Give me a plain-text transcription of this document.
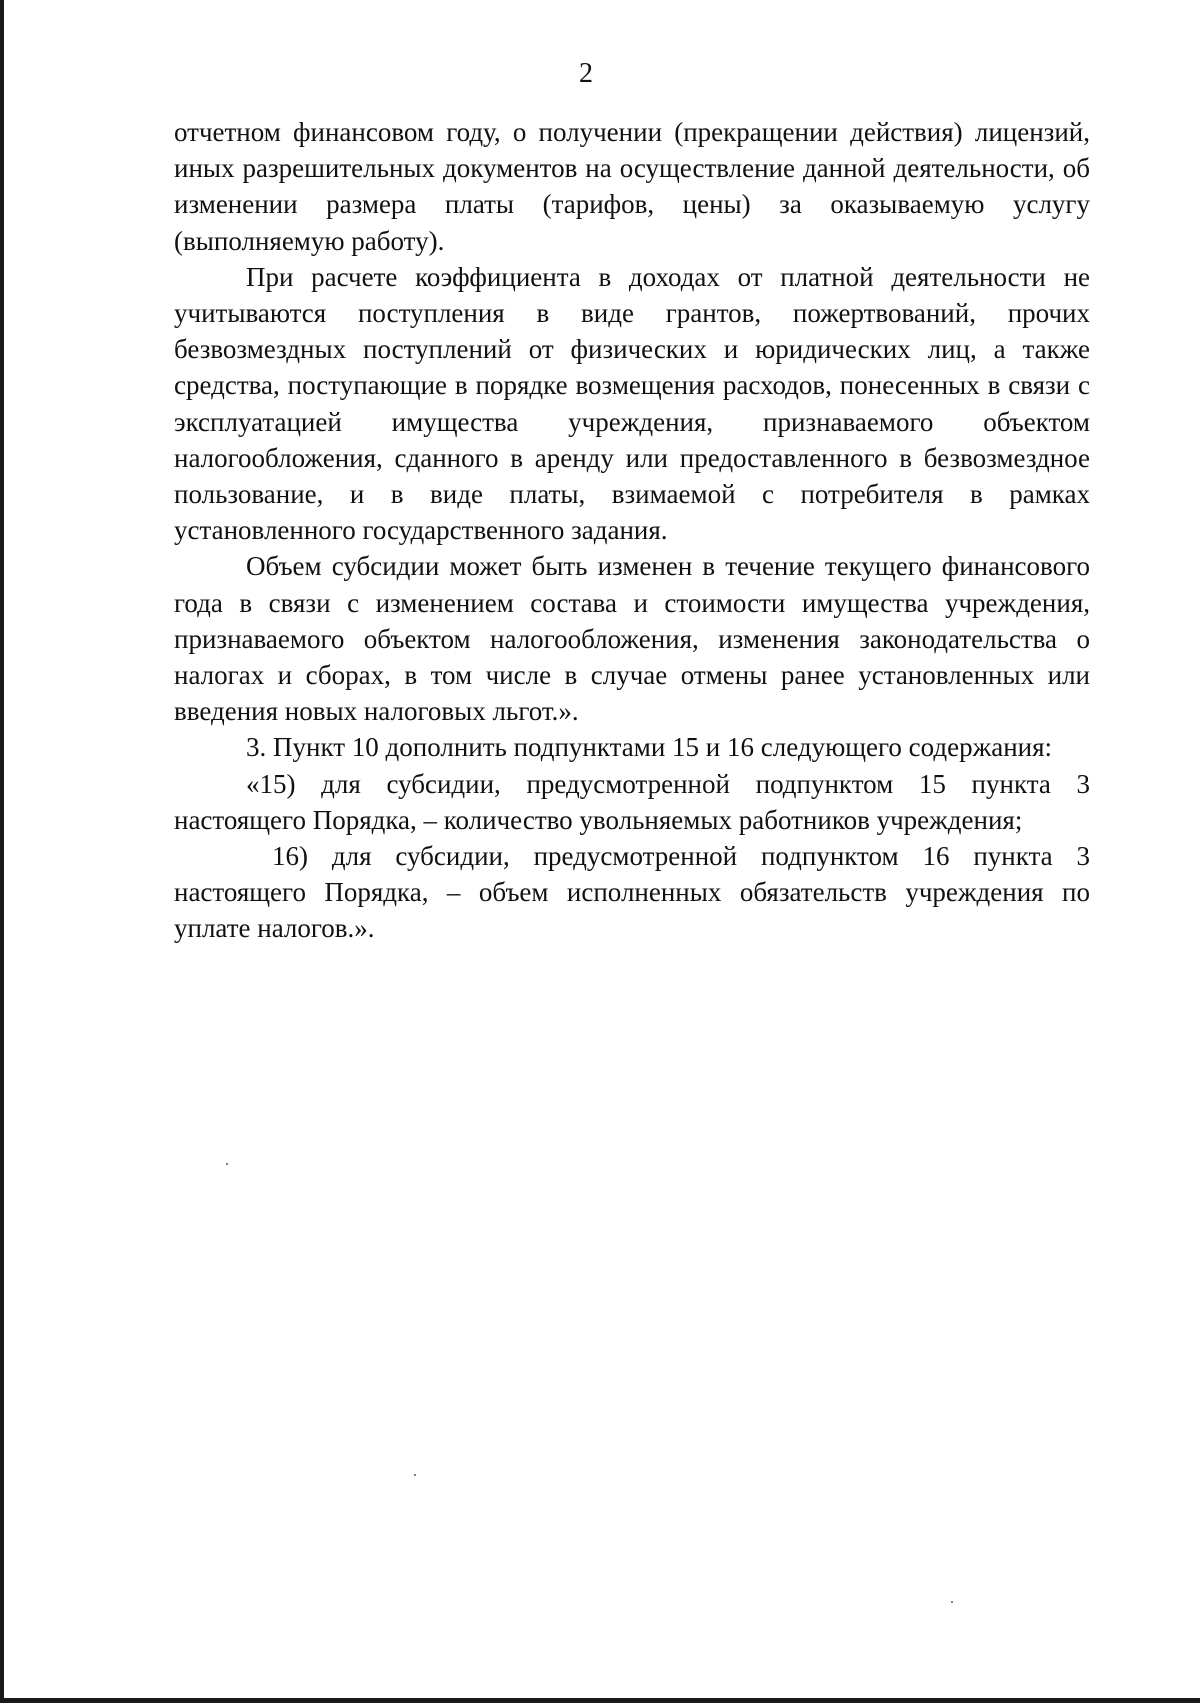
2

отчетном финансовом году, о получении (прекращении действия) лицензий, иных разрешительных документов на осуществление данной деятельности, об изменении размера платы (тарифов, цены) за оказываемую услугу (выполняемую работу).

При расчете коэффициента в доходах от платной деятельности не учитываются поступления в виде грантов, пожертвований, прочих безвозмездных поступлений от физических и юридических лиц, а также средства, поступающие в порядке возмещения расходов, понесенных в связи с эксплуатацией имущества учреждения, признаваемого объектом налогообложения, сданного в аренду или предоставленного в безвозмездное пользование, и в виде платы, взимаемой с потребителя в рамках установленного государственного задания.

Объем субсидии может быть изменен в течение текущего финансового года в связи с изменением состава и стоимости имущества учреждения, признаваемого объектом налогообложения, изменения законодательства о налогах и сборах, в том числе в случае отмены ранее установленных или введения новых налоговых льгот.».

3. Пункт 10 дополнить подпунктами 15 и 16 следующего содержания:

«15) для субсидии, предусмотренной подпунктом 15 пункта 3 настоящего Порядка, – количество увольняемых работников учреждения;

16) для субсидии, предусмотренной подпунктом 16 пункта 3 настоящего Порядка, – объем исполненных обязательств учреждения по уплате налогов.».
